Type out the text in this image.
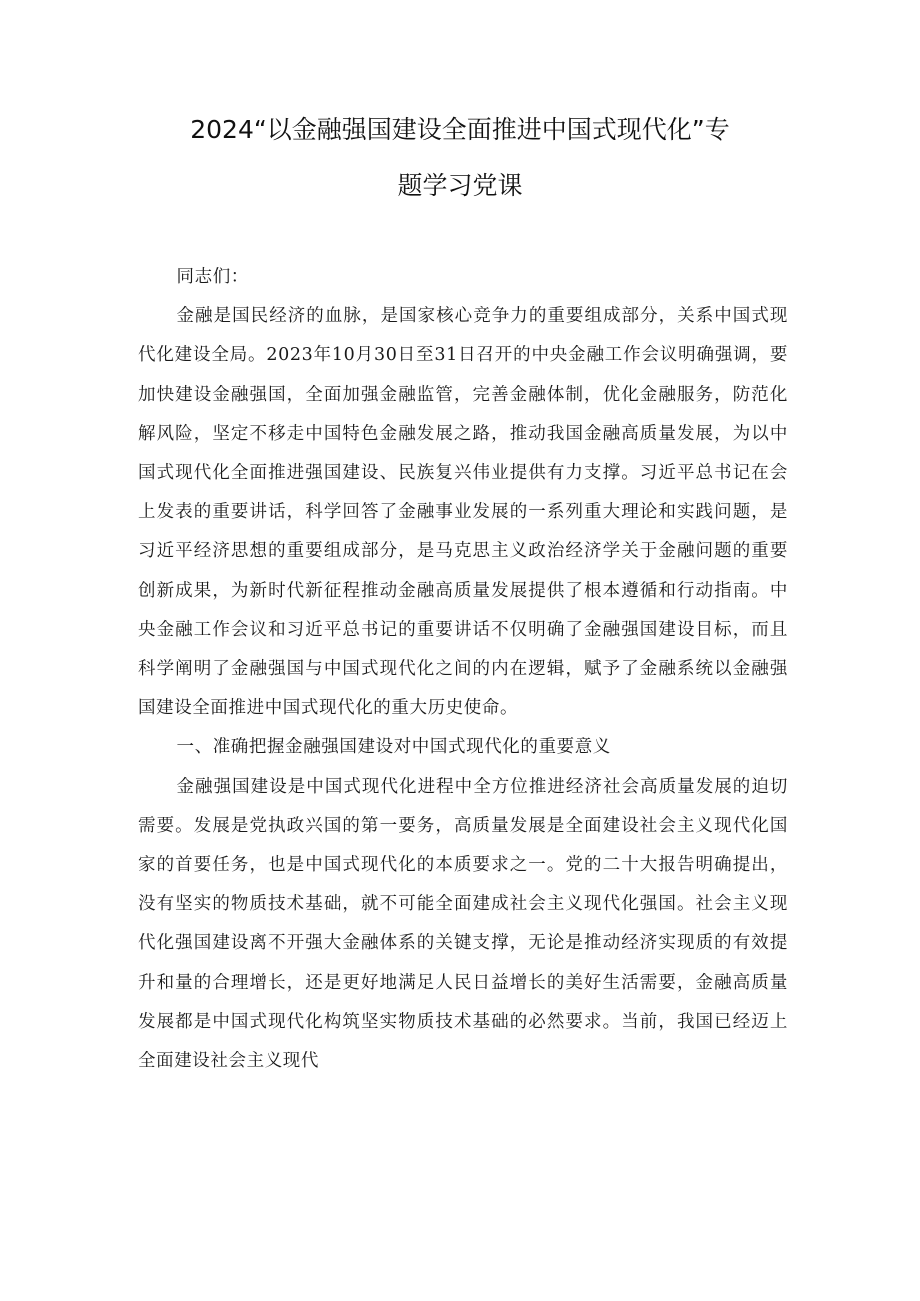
2024“以金融强国建设全面推进中国式现代化”专
题学习党课

同志们：

金融是国民经济的血脉，是国家核心竞争力的重要组成部分，关系中国式现代化建设全局。2023年10月30日至31日召开的中央金融工作会议明确强调，要加快建设金融强国，全面加强金融监管，完善金融体制，优化金融服务，防范化解风险，坚定不移走中国特色金融发展之路，推动我国金融高质量发展，为以中国式现代化全面推进强国建设、民族复兴伟业提供有力支撑。习近平总书记在会上发表的重要讲话，科学回答了金融事业发展的一系列重大理论和实践问题，是习近平经济思想的重要组成部分，是马克思主义政治经济学关于金融问题的重要创新成果，为新时代新征程推动金融高质量发展提供了根本遵循和行动指南。中央金融工作会议和习近平总书记的重要讲话不仅明确了金融强国建设目标，而且科学阐明了金融强国与中国式现代化之间的内在逻辑，赋予了金融系统以金融强国建设全面推进中国式现代化的重大历史使命。

一、准确把握金融强国建设对中国式现代化的重要意义

金融强国建设是中国式现代化进程中全方位推进经济社会高质量发展的迫切需要。发展是党执政兴国的第一要务，高质量发展是全面建设社会主义现代化国家的首要任务，也是中国式现代化的本质要求之一。党的二十大报告明确提出，没有坚实的物质技术基础，就不可能全面建成社会主义现代化强国。社会主义现代化强国建设离不开强大金融体系的关键支撑，无论是推动经济实现质的有效提升和量的合理增长，还是更好地满足人民日益增长的美好生活需要，金融高质量发展都是中国式现代化构筑坚实物质技术基础的必然要求。当前，我国已经迈上全面建设社会主义现代
